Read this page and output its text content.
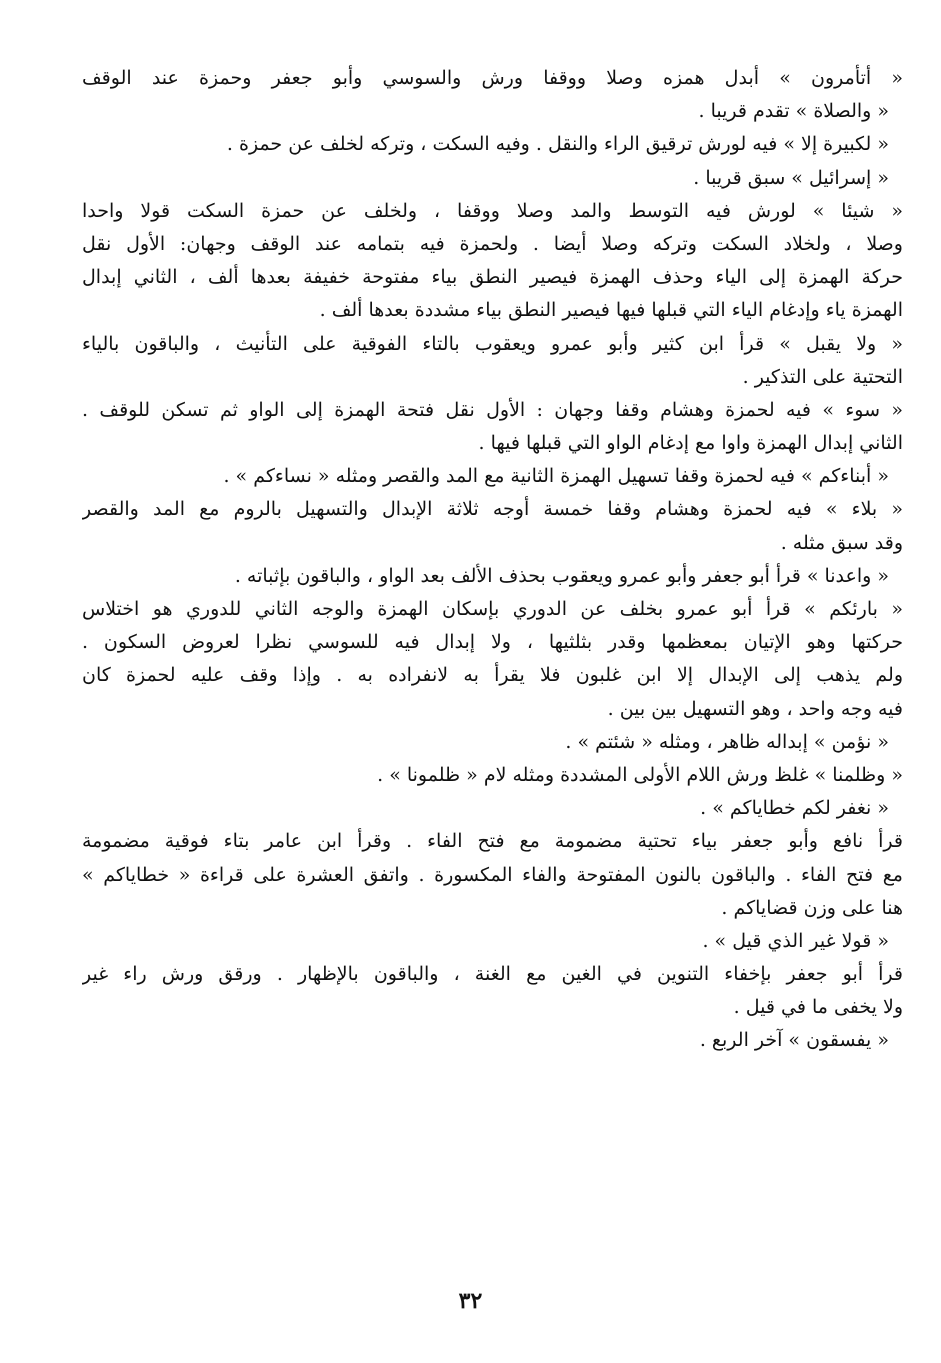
« أتأمرون » أبدل همزه وصلا ووقفا ورش والسوسي وأبو جعفر وحمزة عند الوقف
« والصلاة » تقدم قريبا .
« لكبيرة إلا » فيه لورش ترقيق الراء والنقل . وفيه السكت ، وتركه لخلف عن حمزة .
« إسرائيل » سبق قريبا .
« شيئا » لورش فيه التوسط والمد وصلا ووقفا ، ولخلف عن حمزة السكت قولا واحدا
وصلا ، ولخلاد السكت وتركه وصلا أيضا . ولحمزة فيه بتمامه عند الوقف وجهان: الأول نقل
حركة الهمزة إلى الياء وحذف الهمزة فيصير النطق بياء مفتوحة خفيفة بعدها ألف ، الثاني إبدال
الهمزة ياء وإدغام الياء التي قبلها فيها فيصير النطق بياء مشددة بعدها ألف .
« ولا يقبل » قرأ ابن كثير وأبو عمرو ويعقوب بالتاء الفوقية على التأنيث ، والباقون بالياء
التحتية على التذكير .
« سوء » فيه لحمزة وهشام وقفا وجهان : الأول نقل فتحة الهمزة إلى الواو ثم تسكن للوقف .
الثاني إبدال الهمزة واوا مع إدغام الواو التي قبلها فيها .
« أبناءكم » فيه لحمزة وقفا تسهيل الهمزة الثانية مع المد والقصر ومثله « نساءكم » .
« بلاء » فيه لحمزة وهشام وقفا خمسة أوجه ثلاثة الإبدال والتسهيل بالروم مع المد والقصر
وقد سبق مثله .
« واعدنا » قرأ أبو جعفر وأبو عمرو ويعقوب بحذف الألف بعد الواو ، والباقون بإثباته .
« بارئكم » قرأ أبو عمرو بخلف عن الدوري بإسكان الهمزة والوجه الثاني للدوري هو اختلاس
حركتها وهو الإتيان بمعظمها وقدر بثلثيها ، ولا إبدال فيه للسوسي نظرا لعروض السكون .
ولم يذهب إلى الإبدال إلا ابن غلبون فلا يقرأ به لانفراده به . وإذا وقف عليه لحمزة كان
فيه وجه واحد ، وهو التسهيل بين بين .
« نؤمن » إبداله ظاهر ، ومثله « شئتم » .
« وظلمنا » غلظ ورش اللام الأولى المشددة ومثله لام « ظلمونا » .
« نغفر لكم خطاياكم » .
قرأ نافع وأبو جعفر بياء تحتية مضمومة مع فتح الفاء . وقرأ ابن عامر بتاء فوقية مضمومة
مع فتح الفاء . والباقون بالنون المفتوحة والفاء المكسورة . واتفق العشرة على قراءة « خطاياكم »
هنا على وزن قضاياكم .
« قولا غير الذي قيل » .
قرأ أبو جعفر بإخفاء التنوين في الغين مع الغنة ، والباقون بالإظهار . ورقق ورش راء غير
ولا يخفى ما في قيل .
« يفسقون » آخر الربع .
٣٢
